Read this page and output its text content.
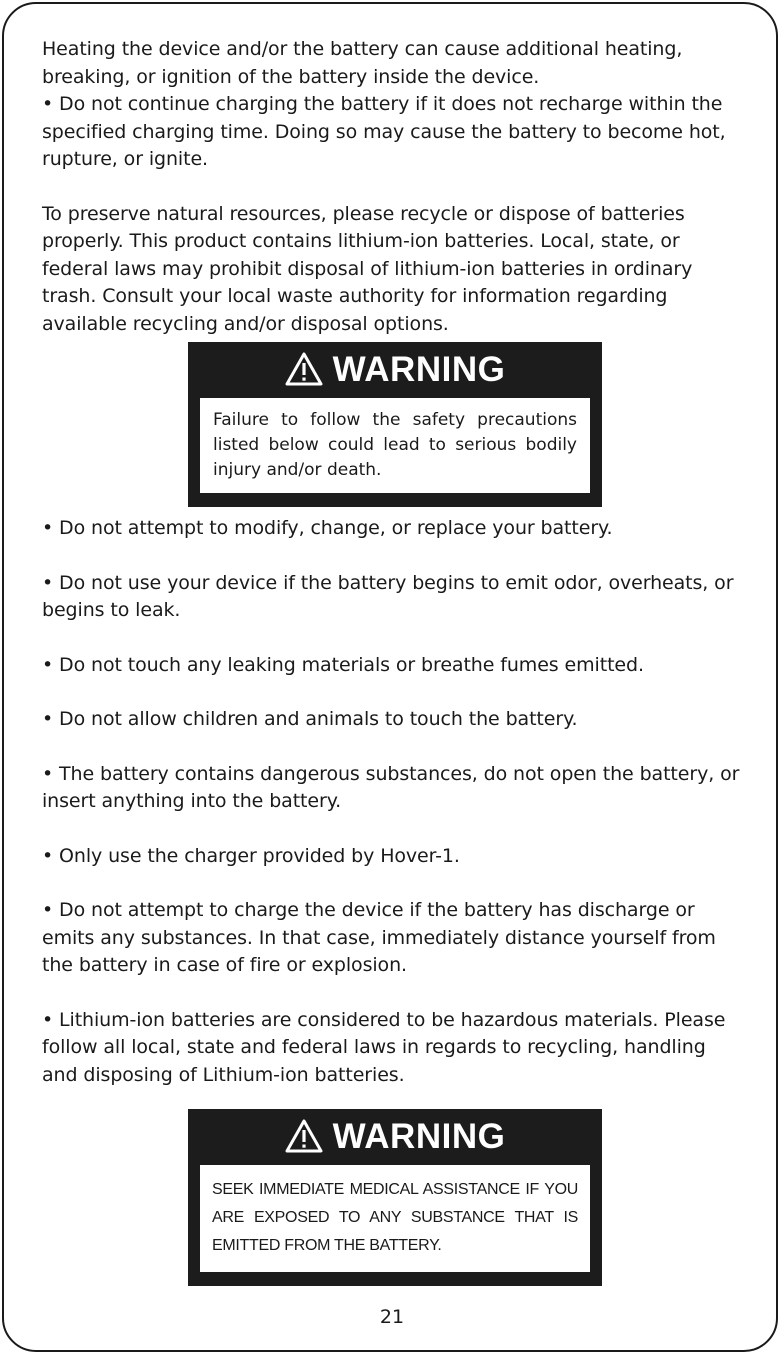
Heating the device and/or the battery can cause additional heating, breaking, or ignition of the battery inside the device.

• Do not continue charging the battery if it does not recharge within the specified charging time. Doing so may cause the battery to become hot, rupture, or ignite.

To preserve natural resources, please recycle or dispose of batteries properly. This product contains lithium-ion batteries. Local, state, or federal laws may prohibit disposal of lithium-ion batteries in ordinary trash. Consult your local waste authority for information regarding available recycling and/or disposal options.

WARNING
Failure to follow the safety precautions listed below could lead to serious bodily injury and/or death.

• Do not attempt to modify, change, or replace your battery.

• Do not use your device if the battery begins to emit odor, overheats, or begins to leak.

• Do not touch any leaking materials or breathe fumes emitted.

• Do not allow children and animals to touch the battery.

• The battery contains dangerous substances, do not open the battery, or insert anything into the battery.

• Only use the charger provided by Hover-1.

• Do not attempt to charge the device if the battery has discharge or emits any substances. In that case, immediately distance yourself from the battery in case of fire or explosion.

• Lithium-ion batteries are considered to be hazardous materials. Please follow all local, state and federal laws in regards to recycling, handling and disposing of Lithium-ion batteries.

WARNING
SEEK IMMEDIATE MEDICAL ASSISTANCE IF YOU ARE EXPOSED TO ANY SUBSTANCE THAT IS EMITTED FROM THE BATTERY.
21
